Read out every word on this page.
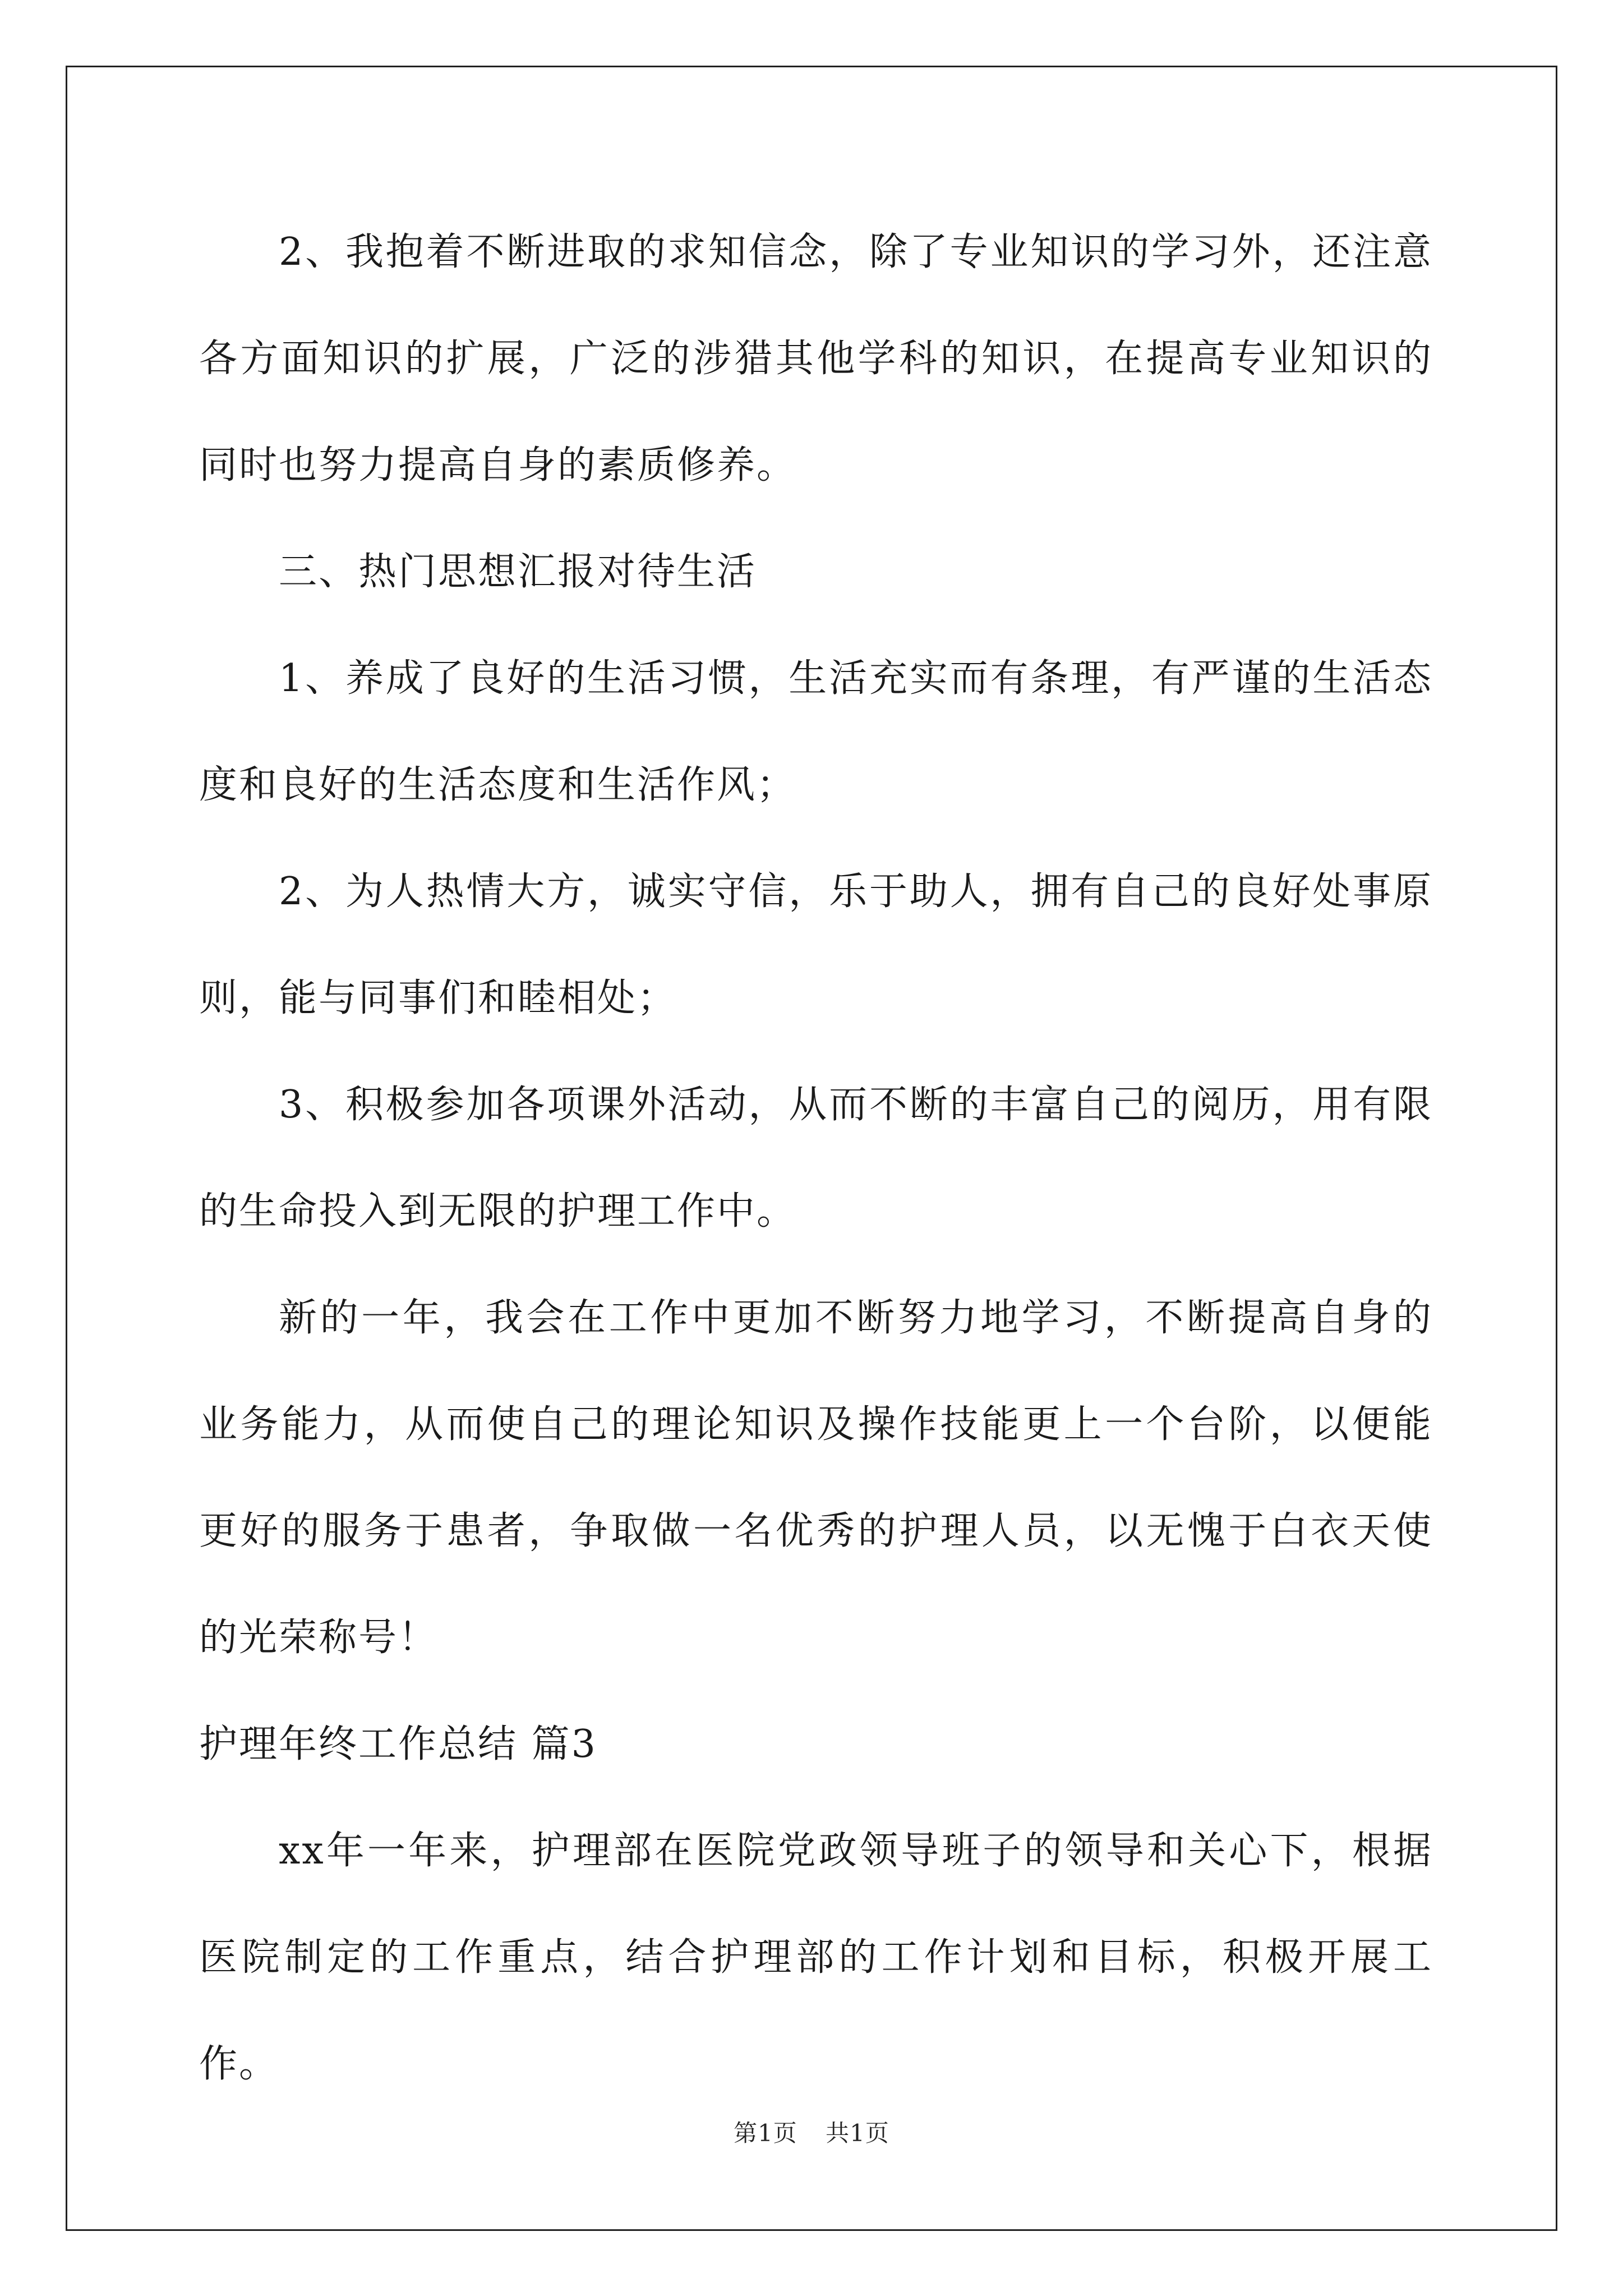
2、我抱着不断进取的求知信念，除了专业知识的学习外，还注意各方面知识的扩展，广泛的涉猎其他学科的知识，在提高专业知识的同时也努力提高自身的素质修养。

三、热门思想汇报对待生活

1、养成了良好的生活习惯，生活充实而有条理，有严谨的生活态度和良好的生活态度和生活作风；

2、为人热情大方，诚实守信，乐于助人，拥有自己的良好处事原则，能与同事们和睦相处；

3、积极参加各项课外活动，从而不断的丰富自己的阅历，用有限的生命投入到无限的护理工作中。

新的一年，我会在工作中更加不断努力地学习，不断提高自身的业务能力，从而使自己的理论知识及操作技能更上一个台阶，以便能更好的服务于患者，争取做一名优秀的护理人员，以无愧于白衣天使的光荣称号！

护理年终工作总结 篇3

xx年一年来，护理部在医院党政领导班子的领导和关心下，根据医院制定的工作重点，结合护理部的工作计划和目标，积极开展工作。

第1页 共1页
